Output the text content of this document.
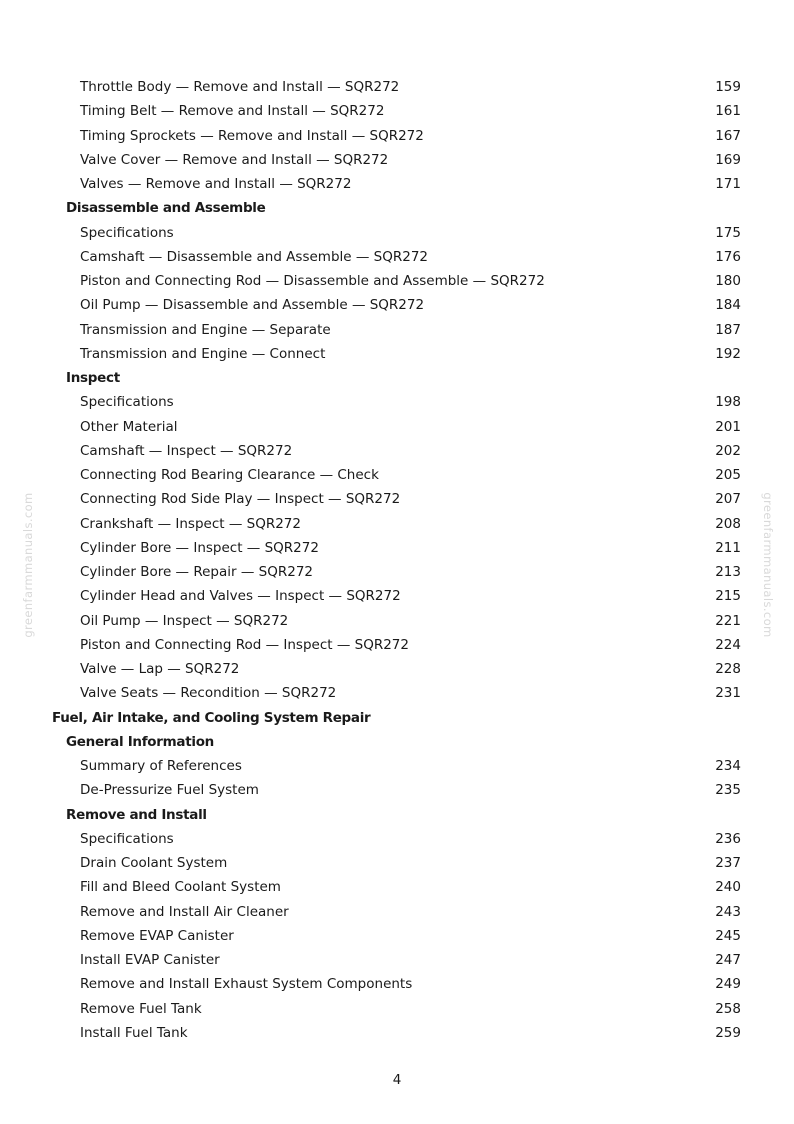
Throttle Body — Remove and Install — SQR272	159
Timing Belt — Remove and Install — SQR272	161
Timing Sprockets — Remove and Install — SQR272	167
Valve Cover — Remove and Install — SQR272	169
Valves — Remove and Install — SQR272	171
Disassemble and Assemble
Specifications	175
Camshaft — Disassemble and Assemble — SQR272	176
Piston and Connecting Rod — Disassemble and Assemble — SQR272	180
Oil Pump — Disassemble and Assemble — SQR272	184
Transmission and Engine — Separate	187
Transmission and Engine — Connect	192
Inspect
Specifications	198
Other Material	201
Camshaft — Inspect — SQR272	202
Connecting Rod Bearing Clearance — Check	205
Connecting Rod Side Play — Inspect — SQR272	207
Crankshaft — Inspect — SQR272	208
Cylinder Bore — Inspect — SQR272	211
Cylinder Bore — Repair — SQR272	213
Cylinder Head and Valves — Inspect — SQR272	215
Oil Pump — Inspect — SQR272	221
Piston and Connecting Rod — Inspect — SQR272	224
Valve — Lap — SQR272	228
Valve Seats — Recondition — SQR272	231
Fuel, Air Intake, and Cooling System Repair
General Information
Summary of References	234
De-Pressurize Fuel System	235
Remove and Install
Specifications	236
Drain Coolant System	237
Fill and Bleed Coolant System	240
Remove and Install Air Cleaner	243
Remove EVAP Canister	245
Install EVAP Canister	247
Remove and Install Exhaust System Components	249
Remove Fuel Tank	258
Install Fuel Tank	259
greenfarmmanuals.com	greenfarmmanuals.com
4
